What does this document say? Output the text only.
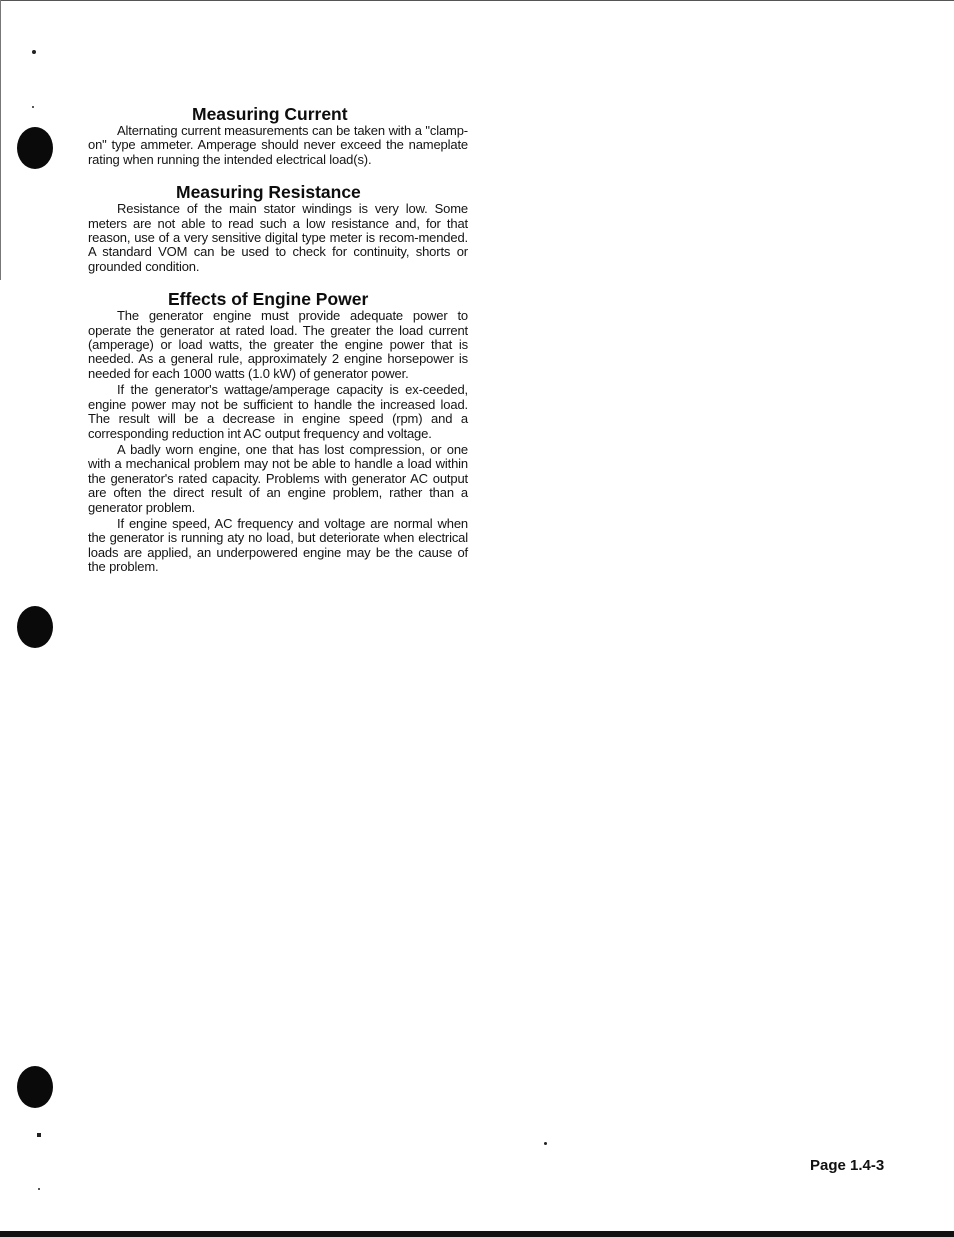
Measuring Current

Alternating current measurements can be taken with a "clamp-on" type ammeter. Amperage should never exceed the nameplate rating when running the intended electrical load(s).

Measuring Resistance

Resistance of the main stator windings is very low. Some meters are not able to read such a low resistance and, for that reason, use of a very sensitive digital type meter is recom-mended. A standard VOM can be used to check for continuity, shorts or grounded condition.

Effects of Engine Power

The generator engine must provide adequate power to operate the generator at rated load. The greater the load current (amperage) or load watts, the greater the engine power that is needed. As a general rule, approximately 2 engine horsepower is needed for each 1000 watts (1.0 kW) of generator power.

If the generator's wattage/amperage capacity is ex-ceeded, engine power may not be sufficient to handle the increased load. The result will be a decrease in engine speed (rpm) and a corresponding reduction int AC output frequency and voltage.

A badly worn engine, one that has lost compression, or one with a mechanical problem may not be able to handle a load within the generator's rated capacity. Problems with generator AC output are often the direct result of an engine problem, rather than a generator problem.

If engine speed, AC frequency and voltage are normal when the generator is running aty no load, but deteriorate when electrical loads are applied, an underpowered engine may be the cause of the problem.

Page 1.4-3
